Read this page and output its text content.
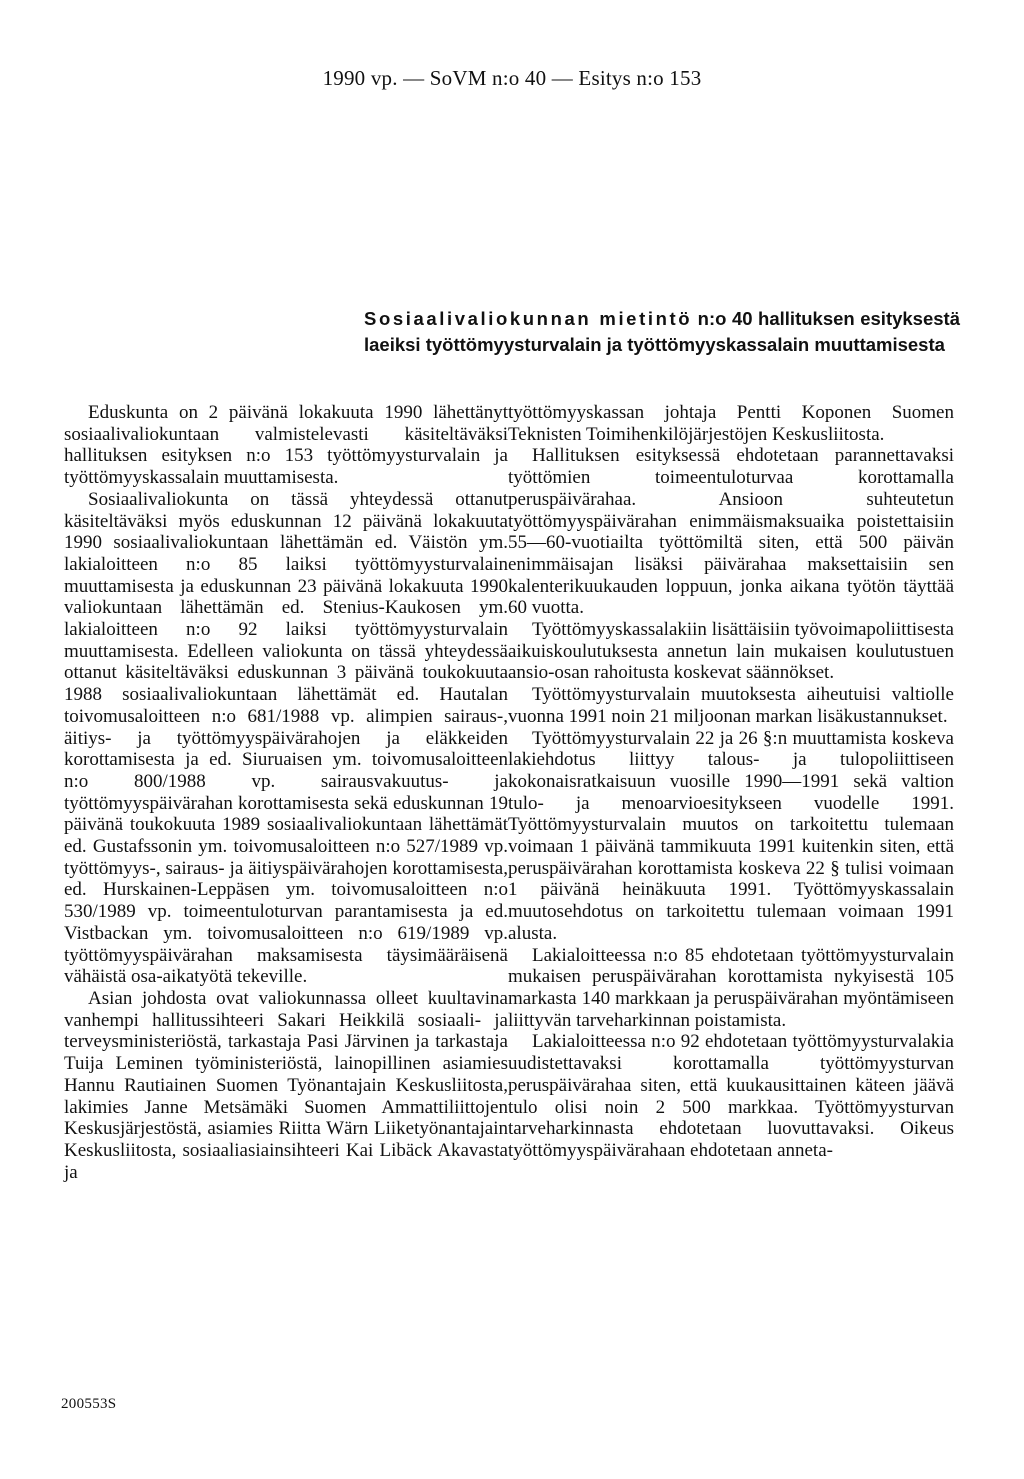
1990 vp. — SoVM n:o 40 — Esitys n:o 153
Sosiaalivaliokunnan mietintö n:o 40 hallituksen esityksestä laeiksi työttömyysturvalain ja työttömyyskassalain muuttamisesta

Eduskunta on 2 päivänä lokakuuta 1990 lähettänyt sosiaalivaliokuntaan valmistelevasti käsiteltäväksi hallituksen esityksen n:o 153 työttömyysturvalain ja työttömyyskassalain muuttamisesta.

Sosiaalivaliokunta on tässä yhteydessä ottanut käsiteltäväksi myös eduskunnan 12 päivänä lokakuuta 1990 sosiaalivaliokuntaan lähettämän ed. Väistön ym. lakialoitteen n:o 85 laiksi työttömyysturvalain muuttamisesta ja eduskunnan 23 päivänä lokakuuta 1990 valiokuntaan lähettämän ed. Stenius-Kaukosen ym. lakialoitteen n:o 92 laiksi työttömyysturvalain muuttamisesta. Edelleen valiokunta on tässä yhteydessä ottanut käsiteltäväksi eduskunnan 3 päivänä toukokuuta 1988 sosiaalivaliokuntaan lähettämät ed. Hautalan toivomusaloitteen n:o 681/1988 vp. alimpien sairaus-, äitiys- ja työttömyyspäivärahojen ja eläkkeiden korottamisesta ja ed. Siuruaisen ym. toivomusaloitteen n:o 800/1988 vp. sairausvakuutus- ja työttömyyspäivärahan korottamisesta sekä eduskunnan 19 päivänä toukokuuta 1989 sosiaalivaliokuntaan lähettämät ed. Gustafssonin ym. toivomusaloitteen n:o 527/1989 vp. työttömyys-, sairaus- ja äitiyspäivärahojen korottamisesta, ed. Hurskainen-Leppäsen ym. toivomusaloitteen n:o 530/1989 vp. toimeentuloturvan parantamisesta ja ed. Vistbackan ym. toivomusaloitteen n:o 619/1989 vp. työttömyyspäivärahan maksamisesta täysimääräisenä vähäistä osa-aikatyötä tekeville.

Asian johdosta ovat valiokunnassa olleet kuultavina vanhempi hallitussihteeri Sakari Heikkilä sosiaali- ja terveysministeriöstä, tarkastaja Pasi Järvinen ja tarkastaja Tuija Leminen työministeriöstä, lainopillinen asiamies Hannu Rautiainen Suomen Työnantajain Keskusliitosta, lakimies Janne Metsämäki Suomen Ammattiliittojen Keskusjärjestöstä, asiamies Riitta Wärn Liiketyönantajain Keskusliitosta, sosiaaliasiainsihteeri Kai Libäck Akavasta ja

työttömyyskassan johtaja Pentti Koponen Suomen Teknisten Toimihenkilöjärjestöjen Keskusliitosta.

Hallituksen esityksessä ehdotetaan parannettavaksi työttömien toimeentuloturvaa korottamalla peruspäivärahaa. Ansioon suhteutetun työttömyyspäivärahan enimmäismaksuaika poistettaisiin 55—60-vuotiailta työttömiltä siten, että 500 päivän enimmäisajan lisäksi päivärahaa maksettaisiin sen kalenterikuukauden loppuun, jonka aikana työtön täyttää 60 vuotta.

Työttömyyskassalakiin lisättäisiin työvoimapoliittisesta aikuiskoulutuksesta annetun lain mukaisen koulutustuen ansio-osan rahoitusta koskevat säännökset.

Työttömyysturvalain muutoksesta aiheutuisi valtiolle vuonna 1991 noin 21 miljoonan markan lisäkustannukset.

Työttömyysturvalain 22 ja 26 §:n muuttamista koskeva lakiehdotus liittyy talous- ja tulopoliittiseen kokonaisratkaisuun vuosille 1990—1991 sekä valtion tulo- ja menoarvioesitykseen vuodelle 1991. Työttömyysturvalain muutos on tarkoitettu tulemaan voimaan 1 päivänä tammikuuta 1991 kuitenkin siten, että peruspäivärahan korottamista koskeva 22 § tulisi voimaan 1 päivänä heinäkuuta 1991. Työttömyyskassalain muutosehdotus on tarkoitettu tulemaan voimaan 1991 alusta.

Lakialoitteessa n:o 85 ehdotetaan työttömyysturvalain mukaisen peruspäivärahan korottamista nykyisestä 105 markasta 140 markkaan ja peruspäivärahan myöntämiseen liittyvän tarveharkinnan poistamista.

Lakialoitteessa n:o 92 ehdotetaan työttömyysturvalakia uudistettavaksi korottamalla työttömyysturvan peruspäivärahaa siten, että kuukausittainen käteen jäävä tulo olisi noin 2 500 markkaa. Työttömyysturvan tarveharkinnasta ehdotetaan luovuttavaksi. Oikeus työttömyyspäivärahaan ehdotetaan anneta-

200553S
